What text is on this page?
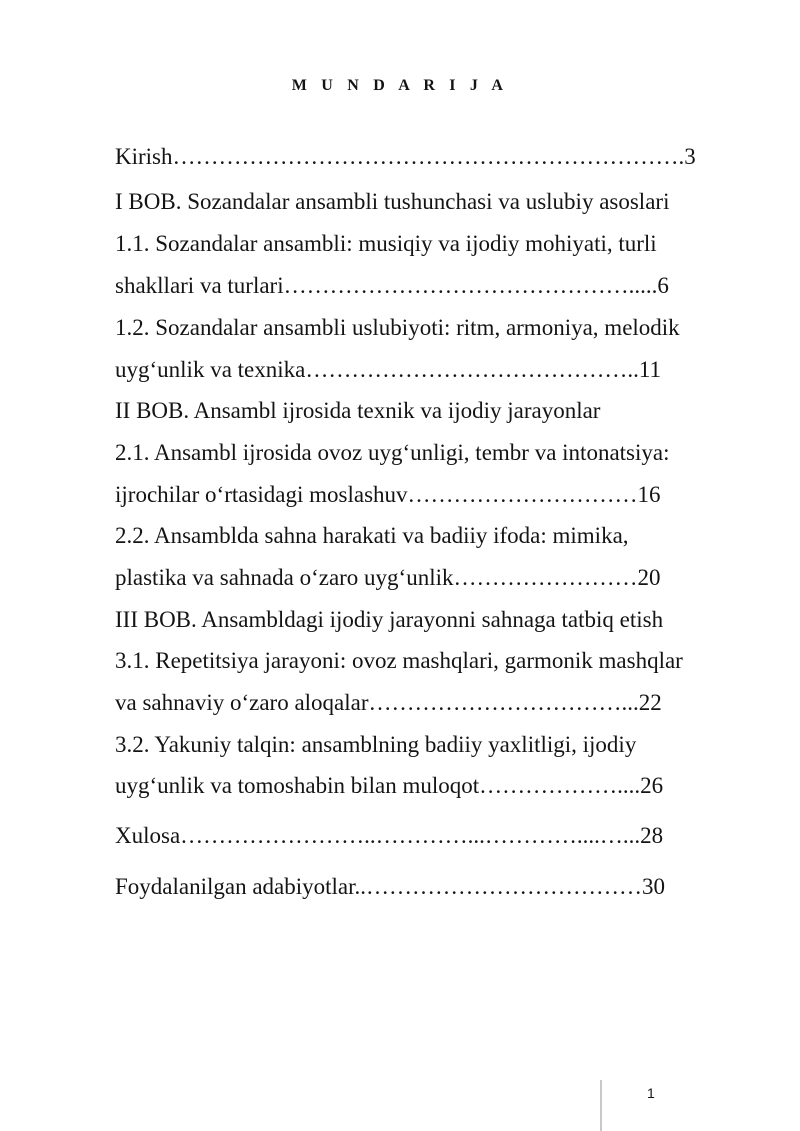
M U N D A R I J A
Kirish………………………………………………………….3
I BOB. Sozandalar ansambli tushunchasi va uslubiy asoslari
1.1. Sozandalar ansambli: musiqiy va ijodiy mohiyati, turli
shakllari va turlari……………………………………….....6
1.2. Sozandalar ansambli uslubiyoti: ritm, armoniya, melodik
uyg‘unlik va texnika……………………………………..11
II BOB. Ansambl ijrosida texnik va ijodiy jarayonlar
2.1. Ansambl ijrosida ovoz uyg‘unligi, tembr va intonatsiya:
ijrochilar o‘rtasidagi moslashuv…………………………16
2.2. Ansamblda sahna harakati va badiiy ifoda: mimika,
plastika va sahnada o‘zaro uyg‘unlik……………………20
III BOB. Ansambldagi ijodiy jarayonni sahnaga tatbiq etish
3.1. Repetitsiya jarayoni: ovoz mashqlari, garmonik mashqlar
va sahnaviy o‘zaro aloqalar……………………………...22
3.2. Yakuniy talqin: ansamblning badiiy yaxlitligi, ijodiy
uyg‘unlik va tomoshabin bilan muloqot………………....26
Xulosa……………………..…………...…………....…...28
Foydalanilgan adabiyotlar..………………………………30
1
